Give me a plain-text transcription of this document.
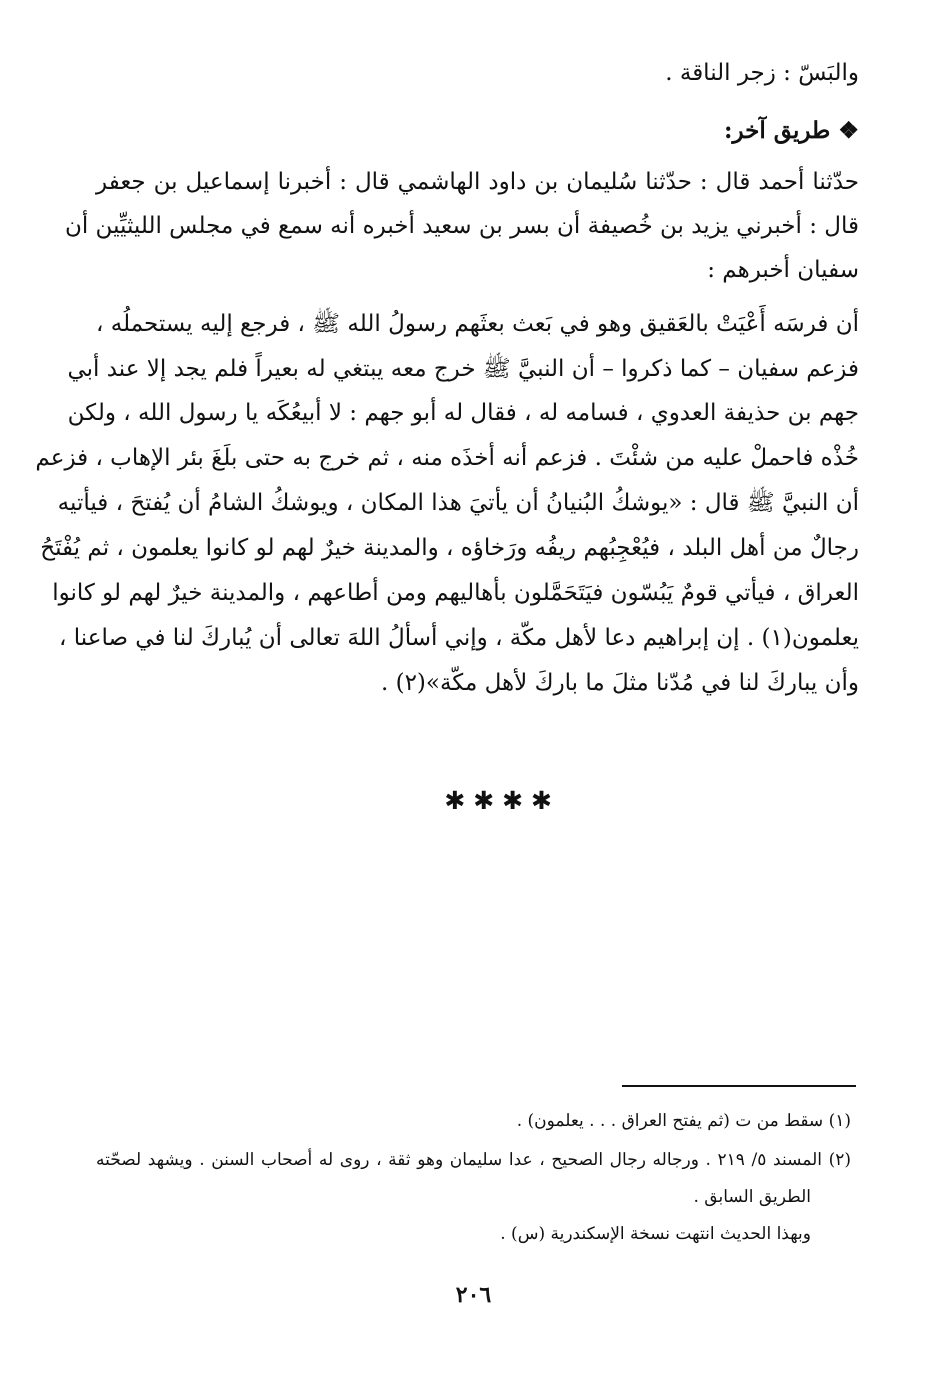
والبَسّ : زجر الناقة .
❖ طريق آخر:
حدّثنا أحمد قال : حدّثنا سُليمان بن داود الهاشمي قال : أخبرنا إسماعيل بن جعفر
قال : أخبرني يزيد بن خُصيفة أن بسر بن سعيد أخبره أنه سمع في مجلس الليثيِّين أن
سفيان أخبرهم :
أن فرسَه أَعْيَتْ بالعَقيق وهو في بَعث بعثَهم رسولُ الله ﷺ ، فرجع إليه يستحملُه ،
فزعم سفيان – كما ذكروا – أن النبيَّ ﷺ خرج معه يبتغي له بعيراً فلم يجد إلا عند أبي
جهم بن حذيفة العدوي ، فسامه له ، فقال له أبو جهم : لا أبيعُكَه يا رسول الله ، ولكن
خُذْه فاحملْ عليه من شئْتَ . فزعم أنه أخذَه منه ، ثم خرج به حتى بلَغَ بئر الإهاب ، فزعم
أن النبيَّ ﷺ قال : «يوشكُ البُنيانُ أن يأتيَ هذا المكان ، ويوشكُ الشامُ أن يُفتحَ ، فيأتيه
رجالٌ من أهل البلد ، فيُعْجِبُهم ريفُه ورَخاؤه ، والمدينة خيرٌ لهم لو كانوا يعلمون ، ثم يُفْتَحُ
العراق ، فيأتي قومٌ يَبُسّون فيَتَحَمَّلون بأهاليهم ومن أطاعهم ، والمدينة خيرٌ لهم لو كانوا
يعلمون(١) . إن إبراهيم دعا لأهل مكّة ، وإني أسألُ اللهَ تعالى أن يُباركَ لنا في صاعنا ،
وأن يباركَ لنا في مُدّنا مثلَ ما باركَ لأهل مكّة»(٢) .
✱ ✱ ✱ ✱
(١) سقط من ت (ثم يفتح العراق . . . يعلمون) .
(٢) المسند ٥/ ٢١٩ . ورجاله رجال الصحيح ، عدا سليمان وهو ثقة ، روى له أصحاب السنن . ويشهد لصحّته
الطريق السابق .
وبهذا الحديث انتهت نسخة الإسكندرية (س) .
٢٠٦
